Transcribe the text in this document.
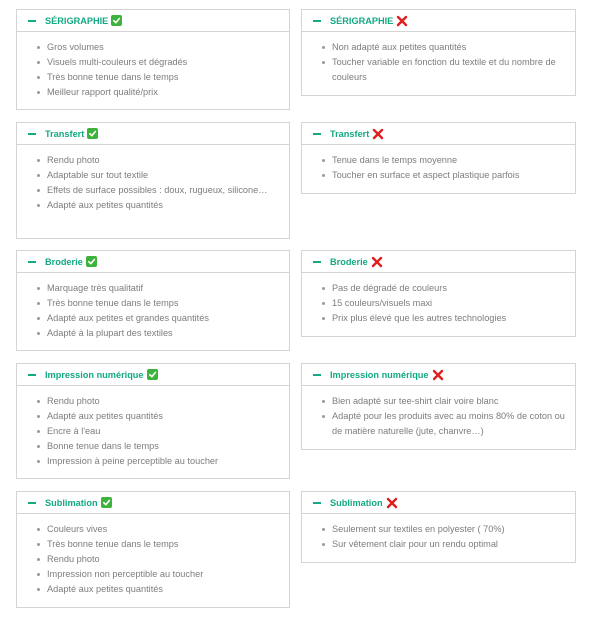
SÉRIGRAPHIE
Gros volumes
Visuels multi-couleurs et dégradés
Très bonne tenue dans le temps
Meilleur rapport qualité/prix
SÉRIGRAPHIE
Non adapté aux petites quantités
Toucher variable en fonction du textile et du nombre de couleurs
Transfert
Rendu photo
Adaptable sur tout textile
Effets de surface possibles : doux, rugueux, silicone…
Adapté aux petites quantités
Transfert
Tenue dans le temps moyenne
Toucher en surface et aspect plastique parfois
Broderie
Marquage très qualitatif
Très bonne tenue dans le temps
Adapté aux petites et grandes quantités
Adapté à la plupart des textiles
Broderie
Pas de dégradé de couleurs
15 couleurs/visuels maxi
Prix plus élevé que les autres technologies
Impression numérique
Rendu photo
Adapté aux petites quantités
Encre à l'eau
Bonne tenue dans le temps
Impression à peine perceptible au toucher
Impression numérique
Bien adapté sur tee-shirt clair voire blanc
Adapté pour les produits avec au moins 80% de coton ou de matière naturelle (jute, chanvre…)
Sublimation
Couleurs vives
Très bonne tenue dans le temps
Rendu photo
Impression non perceptible au toucher
Adapté aux petites quantités
Sublimation
Seulement sur textiles en polyester ( 70%)
Sur vêtement clair pour un rendu optimal
